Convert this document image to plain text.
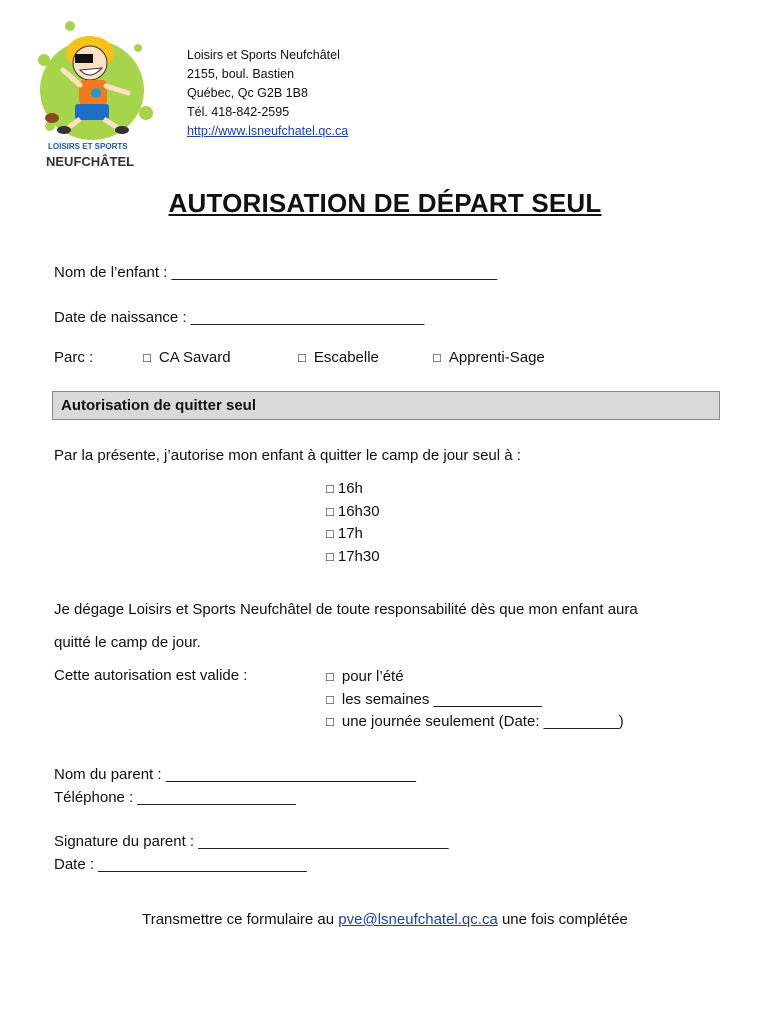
LOISIRS ET SPORTS
NEUFCHÂTEL
Loisirs et Sports Neufchâtel
2155, boul. Bastien
Québec, Qc G2B 1B8
Tél. 418-842-2595
http://www.lsneufchatel.qc.ca
AUTORISATION DE DÉPART SEUL
Nom de l’enfant : _______________________________________
Date de naissance : ____________________________
Parc :	□ CA Savard	□ Escabelle	□ Apprenti-Sage
Autorisation de quitter seul
Par la présente, j’autorise mon enfant à quitter le camp de jour seul à :
□ 16h
□ 16h30
□ 17h
□ 17h30
Je dégage Loisirs et Sports Neufchâtel de toute responsabilité dès que mon enfant aura
quitté le camp de jour.
Cette autorisation est valide :	□ pour l’été
□ les semaines _____________
□ une journée seulement (Date: _________)
Nom du parent : ______________________________
Téléphone : ___________________
Signature du parent : ______________________________
Date : _________________________
Transmettre ce formulaire au pve@lsneufchatel.qc.ca une fois complétée
